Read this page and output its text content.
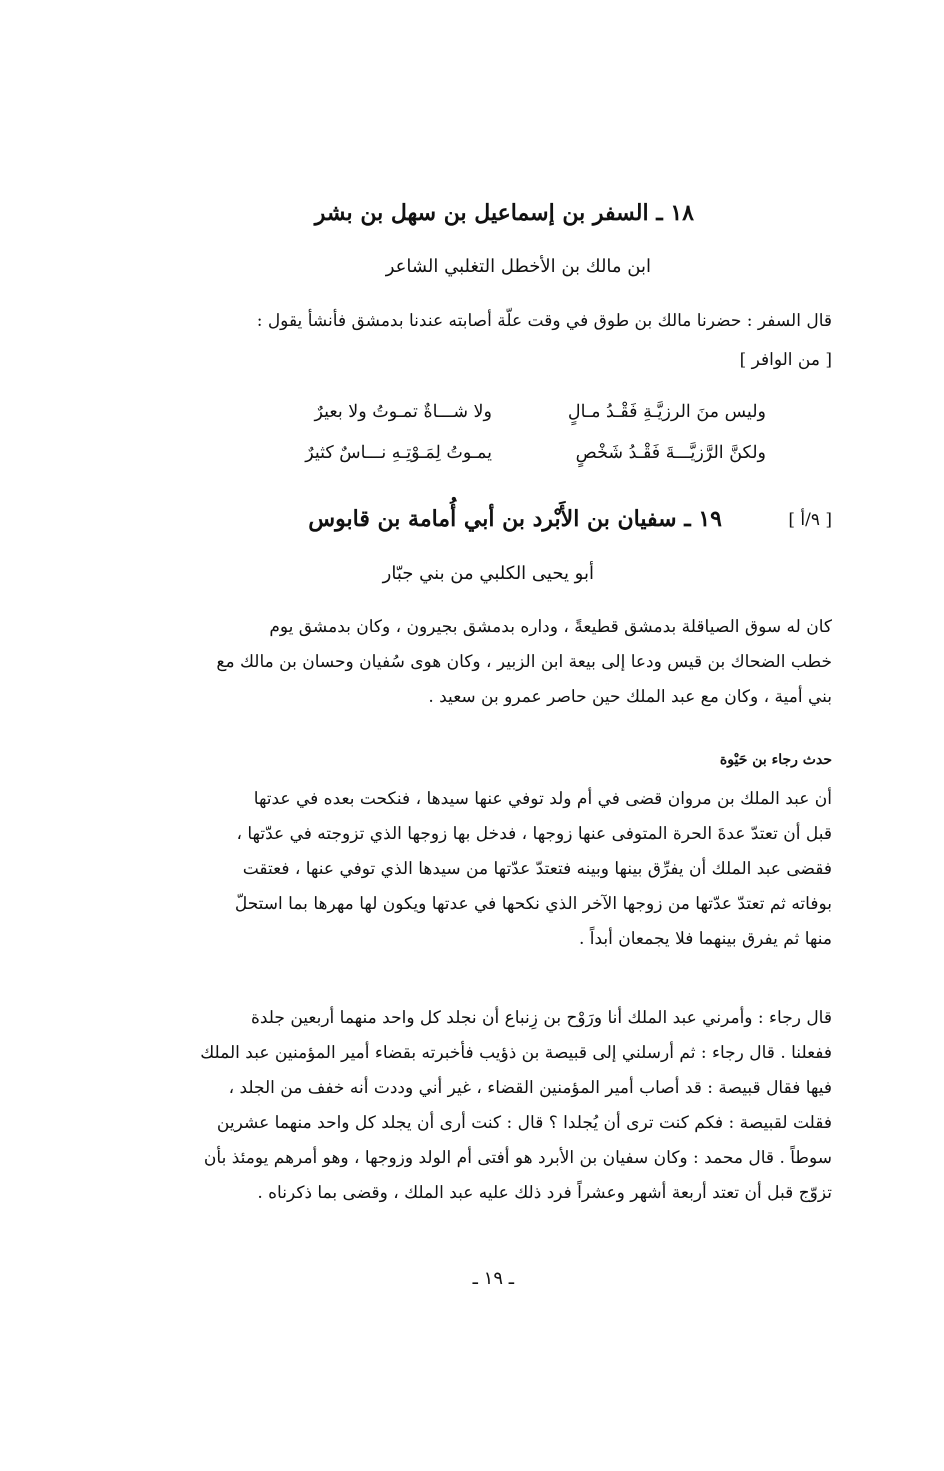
١٨ ـ السفر بن إسماعيل بن سهل بن بشر
ابن مالك بن الأخطل التغلبي الشاعر
قال السفر : حضرنا مالك بن طوق في وقت علّة أصابته عندنا بدمشق فأنشأ يقول :
[ من الوافر ]
وليس منَ الرزيَّـةِ فَقْـدُ مـالٍ
ولا شـــاةٌ تمـوتُ ولا بعيرٌ
ولكنَّ الرَّزيَّـــةَ فَقْـدُ شَخْصٍ
يمـوتُ لِمَـوْتِـهِ نـــاسٌ كثيرٌ
[ ٩/أ ]
١٩ ـ سفيان بن الأَبْرد بن أبي أُمامة بن قابوس
أبو يحيى الكلبي من بني جبّار
كان له سوق الصياقلة بدمشق قطيعةً ، وداره بدمشق بجيرون ، وكان بدمشق يوم
خطب الضحاك بن قيس ودعا إلى بيعة ابن الزبير ، وكان هوى سُفيان وحسان بن مالك مع
بني أمية ، وكان مع عبد الملك حين حاصر عمرو بن سعيد .
حدث رجاء بن حَيْوة
أن عبد الملك بن مروان قضى في أم ولد توفي عنها سيدها ، فنكحت بعده في عدتها
قبل أن تعتدّ عدةَ الحرة المتوفى عنها زوجها ، فدخل بها زوجها الذي تزوجته في عدّتها ،
فقضى عبد الملك أن يفرِّق بينها وبينه فتعتدّ عدّتها من سيدها الذي توفي عنها ، فعتقت
بوفاته ثم تعتدّ عدّتها من زوجها الآخر الذي نكحها في عدتها ويكون لها مهرها بما استحلّ
منها ثم يفرق بينهما فلا يجمعان أبداً .
قال رجاء : وأمرني عبد الملك أنا ورَوْح بن زِنباع أن نجلد كل واحد منهما أربعين جلدة
ففعلنا . قال رجاء : ثم أرسلني إلى قبيصة بن ذؤيب فأخبرته بقضاء أمير المؤمنين عبد الملك
فيها فقال قبيصة : قد أصاب أمير المؤمنين القضاء ، غير أني وددت أنه خفف من الجلد ،
فقلت لقبيصة : فكم كنت ترى أن يُجلدا ؟ قال : كنت أرى أن يجلد كل واحد منهما عشرين
سوطاً . قال محمد : وكان سفيان بن الأبرد هو أفتى أم الولد وزوجها ، وهو أمرهم يومئذ بأن
تزوّج قبل أن تعتد أربعة أشهر وعشراً فرد ذلك عليه عبد الملك ، وقضى بما ذكرناه .
ـ ١٩ ـ
